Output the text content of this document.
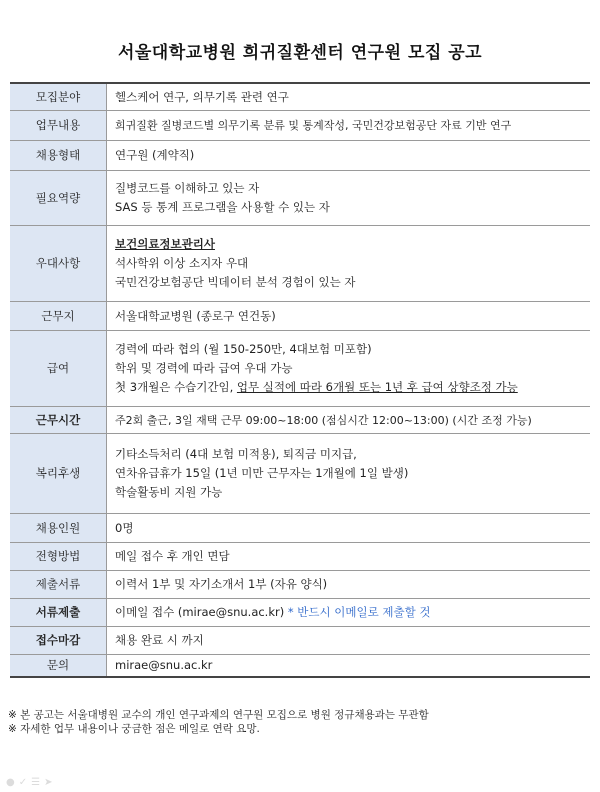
서울대학교병원 희귀질환센터 연구원 모집 공고
모집분야	헬스케어 연구, 의무기록 관련 연구
업무내용	희귀질환 질병코드별 의무기록 분류 및 통계작성, 국민건강보험공단 자료 기반 연구
채용형태	연구원 (계약직)
필요역량	질병코드를 이해하고 있는 자
SAS 등 통계 프로그램을 사용할 수 있는 자

우대사항	보건의료정보관리사
석사학위 이상 소지자 우대
국민건강보험공단 빅데이터 분석 경험이 있는 자

근무지	서울대학교병원 (종로구 연건동)
급여	경력에 따라 협의 (월 150-250만, 4대보험 미포함)
학위 및 경력에 따라 급여 우대 가능
첫 3개월은 수습기간임, 업무 실적에 따라 6개월 또는 1년 후 급여 상향조정 가능

근무시간	주2회 출근, 3일 재택 근무 09:00~18:00 (점심시간 12:00~13:00) (시간 조정 가능)
복리후생	기타소득처리 (4대 보험 미적용), 퇴직금 미지급,
연차유급휴가 15일 (1년 미만 근무자는 1개월에 1일 발생)
학술활동비 지원 가능

채용인원	0명
전형방법	메일 접수 후 개인 면담
제출서류	이력서 1부 및 자기소개서 1부 (자유 양식)
서류제출	이메일 접수 (mirae@snu.ac.kr) * 반드시 이메일로 제출할 것
접수마감	채용 완료 시 까지
문의	mirae@snu.ac.kr
※ 본 공고는 서울대병원 교수의 개인 연구과제의 연구원 모집으로 병원 정규채용과는 무관함
※ 자세한 업무 내용이나 궁금한 점은 메일로 연락 요망.
●✓☰➤
